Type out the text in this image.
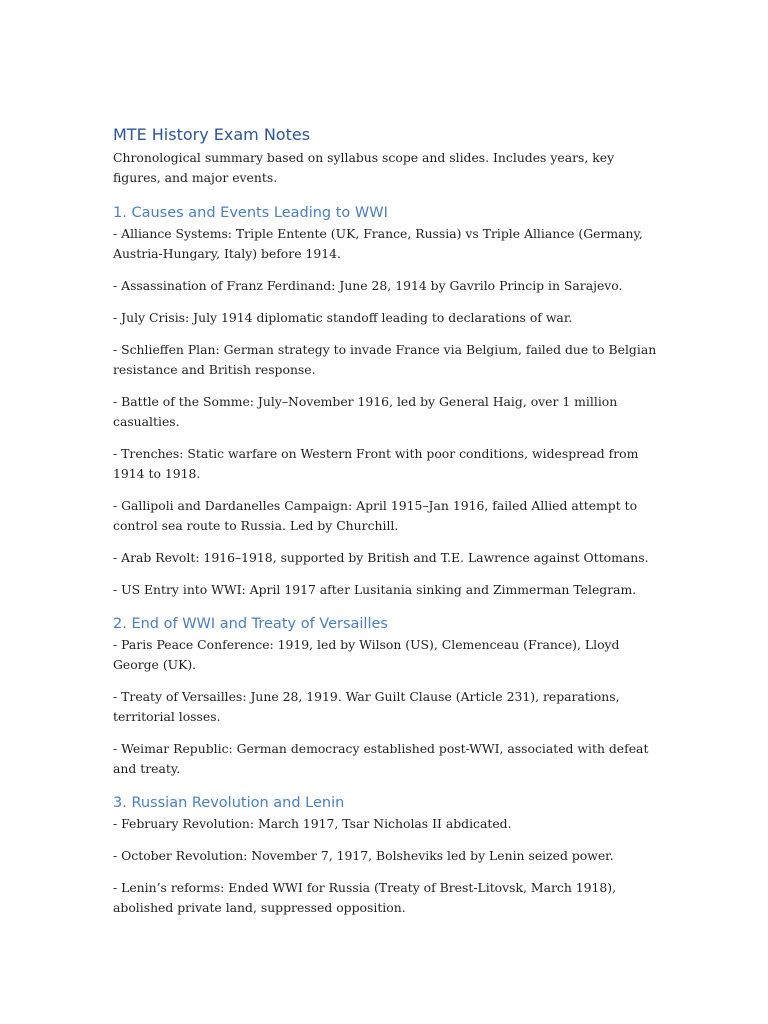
MTE History Exam Notes
Chronological summary based on syllabus scope and slides. Includes years, key figures, and major events.
1. Causes and Events Leading to WWI
- Alliance Systems: Triple Entente (UK, France, Russia) vs Triple Alliance (Germany, Austria-Hungary, Italy) before 1914.
- Assassination of Franz Ferdinand: June 28, 1914 by Gavrilo Princip in Sarajevo.
- July Crisis: July 1914 diplomatic standoff leading to declarations of war.
- Schlieffen Plan: German strategy to invade France via Belgium, failed due to Belgian resistance and British response.
- Battle of the Somme: July–November 1916, led by General Haig, over 1 million casualties.
- Trenches: Static warfare on Western Front with poor conditions, widespread from 1914 to 1918.
- Gallipoli and Dardanelles Campaign: April 1915–Jan 1916, failed Allied attempt to control sea route to Russia. Led by Churchill.
- Arab Revolt: 1916–1918, supported by British and T.E. Lawrence against Ottomans.
- US Entry into WWI: April 1917 after Lusitania sinking and Zimmerman Telegram.
2. End of WWI and Treaty of Versailles
- Paris Peace Conference: 1919, led by Wilson (US), Clemenceau (France), Lloyd George (UK).
- Treaty of Versailles: June 28, 1919. War Guilt Clause (Article 231), reparations, territorial losses.
- Weimar Republic: German democracy established post-WWI, associated with defeat and treaty.
3. Russian Revolution and Lenin
- February Revolution: March 1917, Tsar Nicholas II abdicated.
- October Revolution: November 7, 1917, Bolsheviks led by Lenin seized power.
- Lenin’s reforms: Ended WWI for Russia (Treaty of Brest-Litovsk, March 1918), abolished private land, suppressed opposition.
